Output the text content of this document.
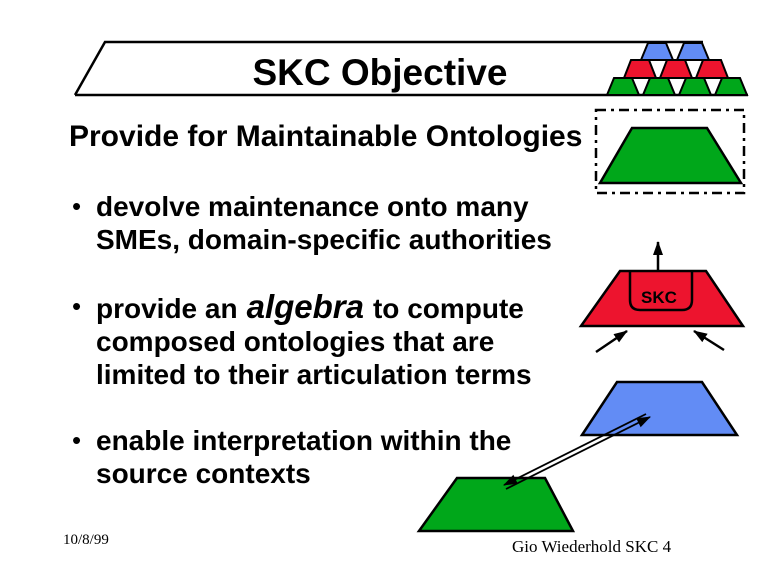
SKC Objective
Provide for Maintainable Ontologies
• devolve maintenance onto many
SMEs, domain-specific authorities
• provide an algebra to compute
composed ontologies that are
limited to their articulation terms
• enable interpretation within the
source contexts
SKC
10/8/99	Gio Wiederhold SKC 4
